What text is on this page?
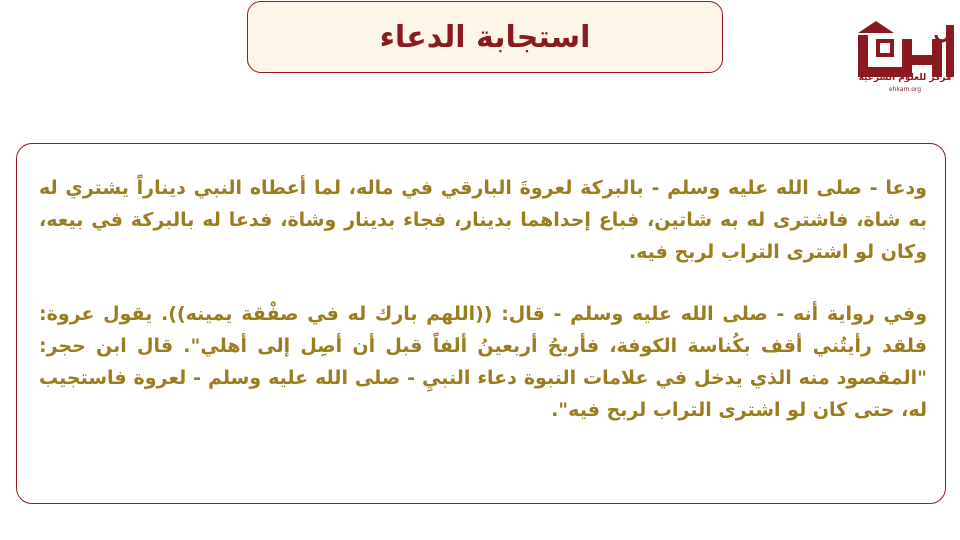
استجابة الدعاء
مركز للعلوم الشرعية
ehkam.org

ودعا - صلى الله عليه وسلم - بالبركة لعروةَ البارقي في ماله، لما أعطاه النبي ديناراً يشتري له به شاة، فاشترى له به شاتين، فباع إحداهما بدينار، فجاء بدينار وشاة، فدعا له بالبركة في بيعه، وكان لو اشترى التراب لربح فيه.

وفي رواية أنه - صلى الله عليه وسلم - قال: ((اللهم بارك له في صفْقة يمينه)). يقول عروة: فلقد رأيتُني أقف بكُناسة الكوفة، فأربحُ أربعينُ ألفاً قبل أن أصِل إلى أهلي". قال ابن حجر: "المقصود منه الذي يدخل في علامات النبوة دعاء النبيِ - صلى الله عليه وسلم - لعروة فاستجيب له، حتى كان لو اشترى التراب لربح فيه".
